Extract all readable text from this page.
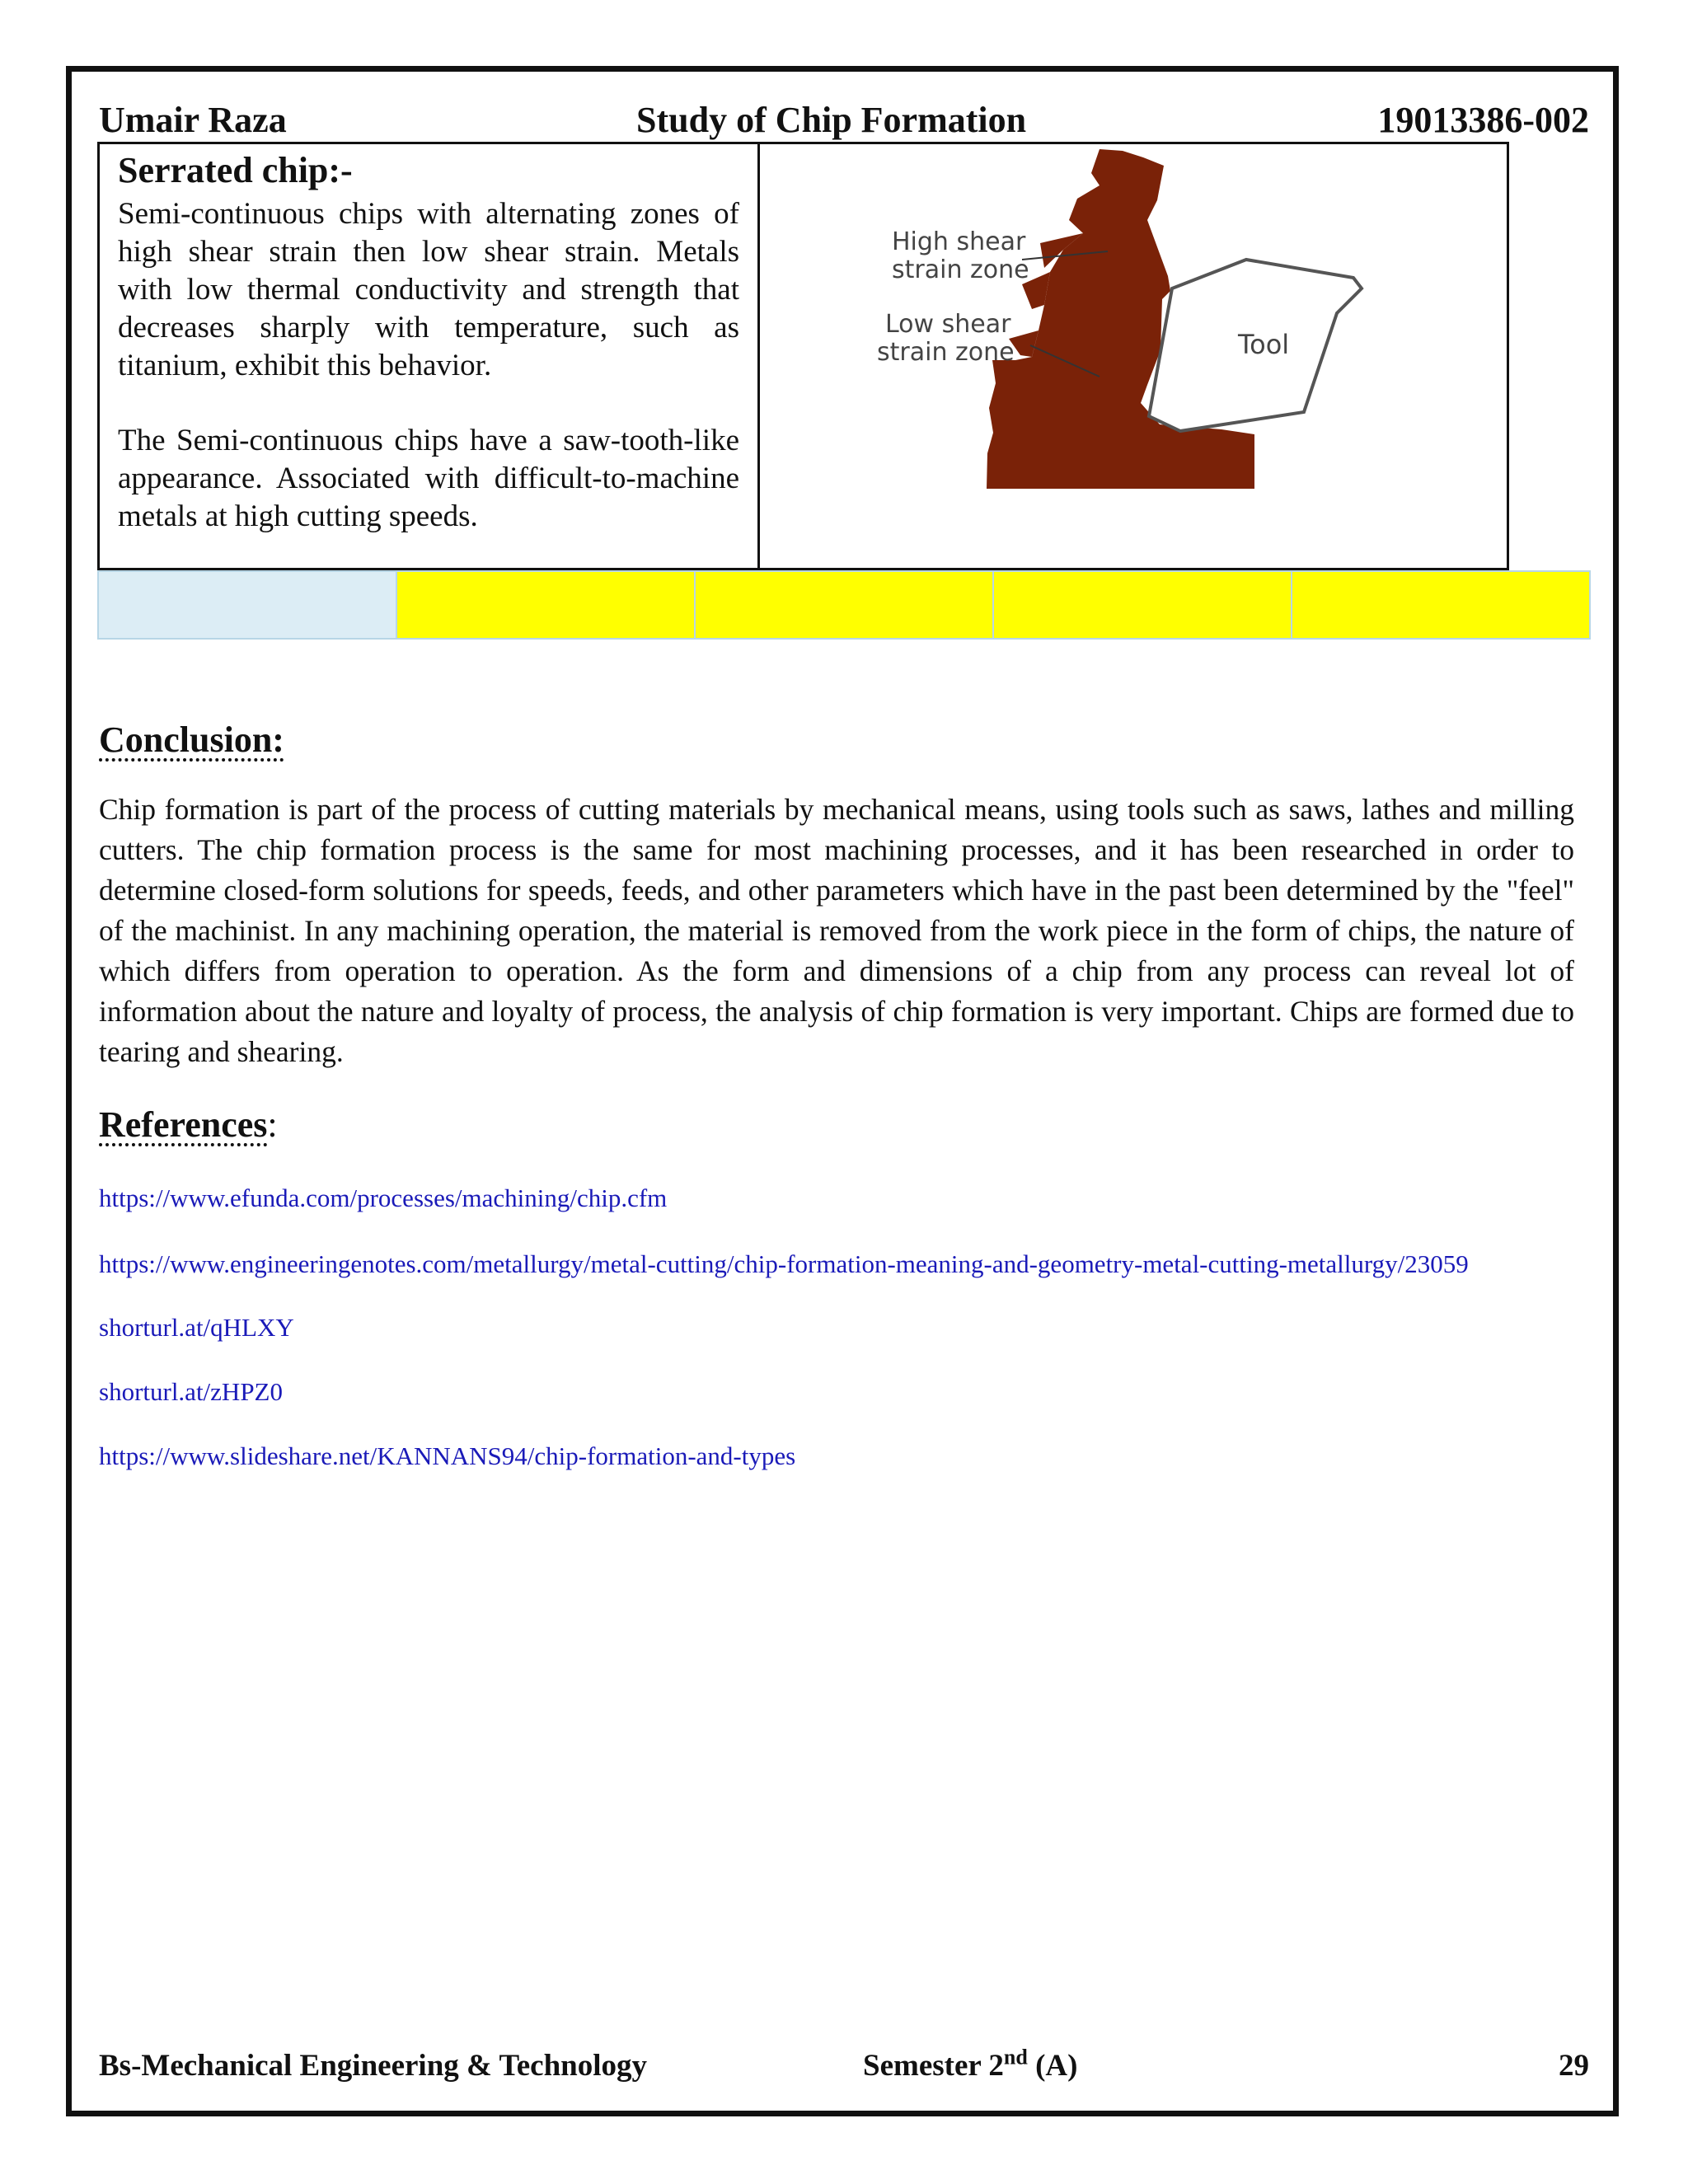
Umair Raza	Study of Chip Formation	19013386-002

Serrated chip:-

Semi-continuous chips with alternating zones of high shear strain then low shear strain. Metals with low thermal conductivity and strength that decreases sharply with temperature, such as titanium, exhibit this behavior.

The Semi-continuous chips have a saw-tooth-like appearance. Associated with difficult-to-machine metals at high cutting speeds.

High shear
strain zone
Low shear
strain zone	Tool
Conclusion:

Chip formation is part of the process of cutting materials by mechanical means, using tools such as saws, lathes and milling cutters. The chip formation process is the same for most machining processes, and it has been researched in order to determine closed-form solutions for speeds, feeds, and other parameters which have in the past been determined by the "feel" of the machinist. In any machining operation, the material is removed from the work piece in the form of chips, the nature of which differs from operation to operation. As the form and dimensions of a chip from any process can reveal lot of information about the nature and loyalty of process, the analysis of chip formation is very important. Chips are formed due to tearing and shearing.

References:
https://www.efunda.com/processes/machining/chip.cfm
https://www.engineeringenotes.com/metallurgy/metal-cutting/chip-formation-meaning-and-geometry-metal-cutting-metallurgy/23059
shorturl.at/qHLXY
shorturl.at/zHPZ0
https://www.slideshare.net/KANNANS94/chip-formation-and-types
Bs-Mechanical Engineering & Technology	Semester 2nd (A)	29
